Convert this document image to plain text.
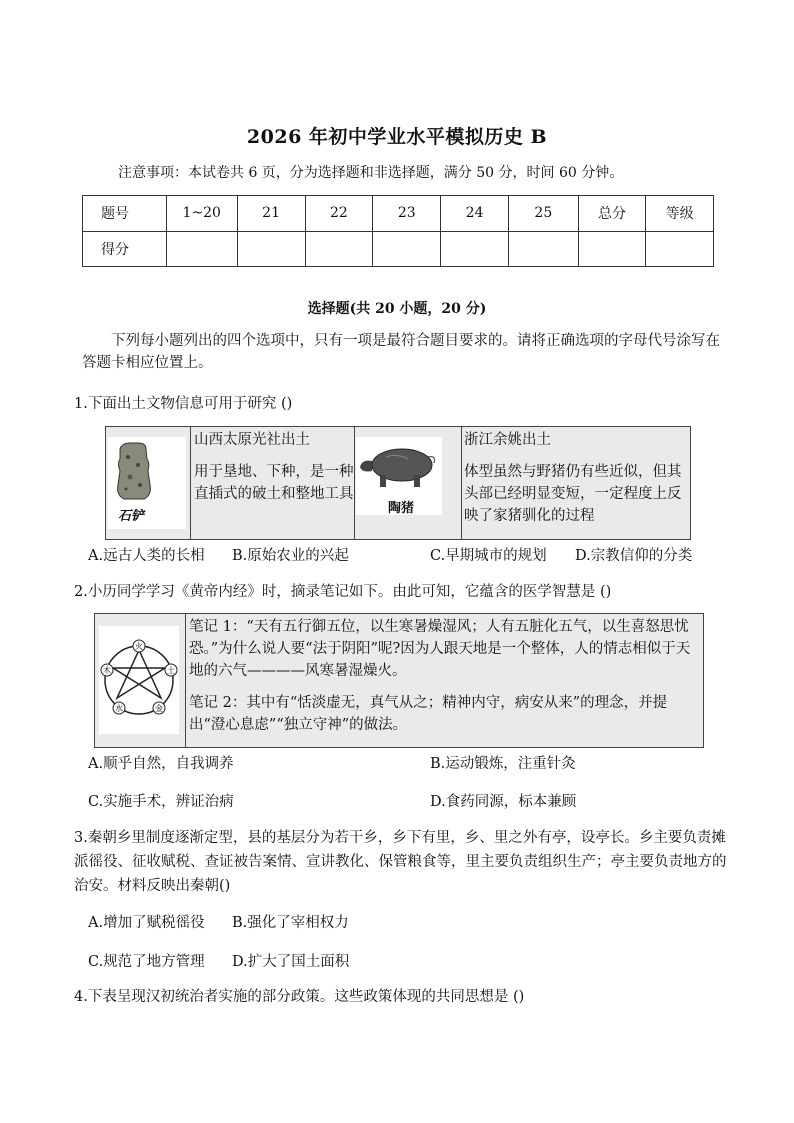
2026 年初中学业水平模拟历史 B
注意事项：本试卷共 6 页，分为选择题和非选择题，满分 50 分，时间 60 分钟。
题号	1~20	21	22	23	24	25	总分	等级
得分								
选择题(共 20 小题，20 分)
下列每小题列出的四个选项中，只有一项是最符合题目要求的。请将正确选项的字母代号涂写在答题卡相应位置上。
1.下面出土文物信息可用于研究 ()
石铲
山西太原光社出土
用于垦地、下种，是一种直插式的破土和整地工具
陶猪
浙江余姚出土
体型虽然与野猪仍有些近似，但其头部已经明显变短，一定程度上反映了家猪驯化的过程
A.远古人类的长相 B.原始农业的兴起	C.早期城市的规划 D.宗教信仰的分类
2.小历同学学习《黄帝内经》时，摘录笔记如下。由此可知，它蕴含的医学智慧是 ()
火
土
金
水
木
笔记 1：“天有五行御五位，以生寒暑燥湿风；人有五脏化五气，以生喜怒思忧恐。”为什么说人要“法于阴阳”呢?因为人跟天地是一个整体，人的情志相似于天地的六气————风寒暑湿燥火。
笔记 2：其中有“恬淡虚无，真气从之；精神内守，病安从来”的理念，并提出“澄心息虑”“独立守神”的做法。
A.顺乎自然，自我调养	B.运动锻炼，注重针灸
C.实施手术，辨证治病	D.食药同源，标本兼顾
3.秦朝乡里制度逐渐定型，县的基层分为若干乡，乡下有里，乡、里之外有亭，设亭长。乡主要负责摊派徭役、征收赋税、查证被告案情、宣讲教化、保管粮食等，里主要负责组织生产；亭主要负责地方的治安。材料反映出秦朝()
A.增加了赋税徭役 B.强化了宰相权力
C.规范了地方管理 D.扩大了国土面积
4.下表呈现汉初统治者实施的部分政策。这些政策体现的共同思想是 ()
